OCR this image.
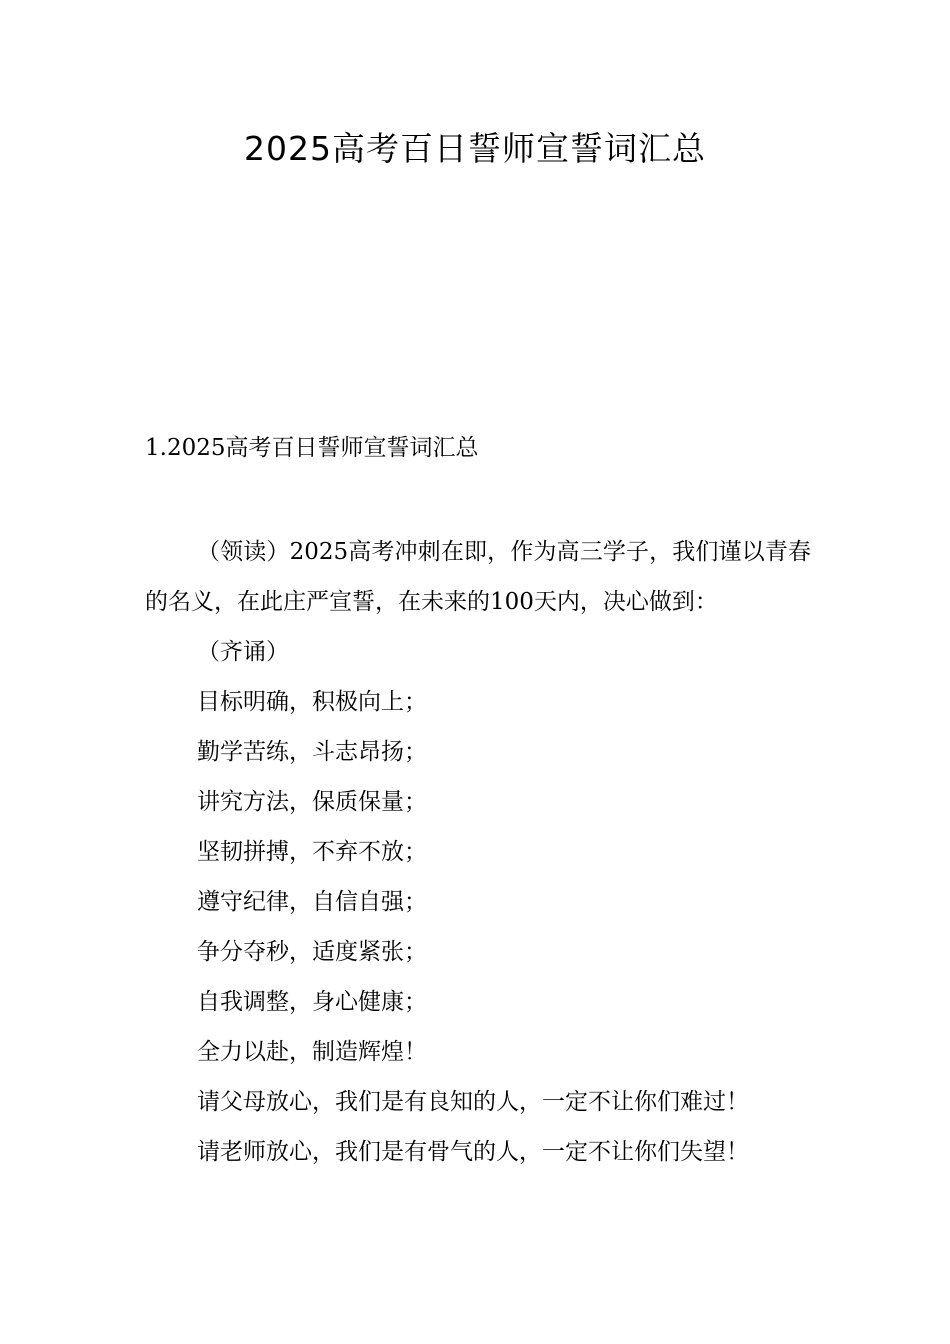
2025高考百日誓师宣誓词汇总

1.2025高考百日誓师宣誓词汇总

（领读）2025高考冲刺在即，作为高三学子，我们谨以青春的名义，在此庄严宣誓，在未来的100天内，决心做到：

（齐诵）

目标明确，积极向上；

勤学苦练，斗志昂扬；

讲究方法，保质保量；

坚韧拼搏，不弃不放；

遵守纪律，自信自强；

争分夺秒，适度紧张；

自我调整，身心健康；

全力以赴，制造辉煌！

请父母放心，我们是有良知的人，一定不让你们难过！

请老师放心，我们是有骨气的人，一定不让你们失望！
